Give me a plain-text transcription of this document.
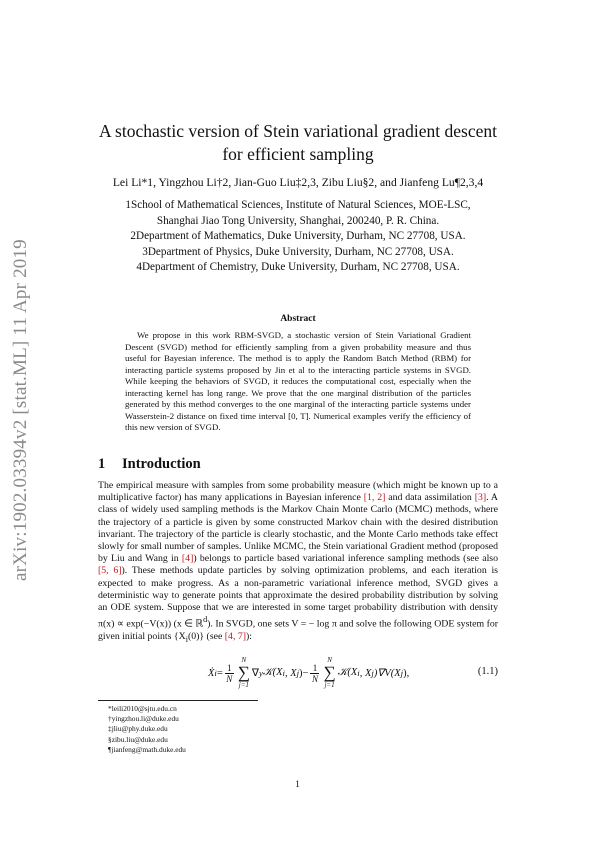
arXiv:1902.03394v2 [stat.ML] 11 Apr 2019
A stochastic version of Stein variational gradient descent
for efficient sampling
Lei Li*1, Yingzhou Li†2, Jian-Guo Liu‡2,3, Zibu Liu§2, and Jianfeng Lu¶2,3,4
1School of Mathematical Sciences, Institute of Natural Sciences, MOE-LSC,
Shanghai Jiao Tong University, Shanghai, 200240, P. R. China.
2Department of Mathematics, Duke University, Durham, NC 27708, USA.
3Department of Physics, Duke University, Durham, NC 27708, USA.
4Department of Chemistry, Duke University, Durham, NC 27708, USA.
Abstract
We propose in this work RBM-SVGD, a stochastic version of Stein Variational Gradient Descent (SVGD) method for efficiently sampling from a given probability measure and thus useful for Bayesian inference. The method is to apply the Random Batch Method (RBM) for interacting particle systems proposed by Jin et al to the interacting particle systems in SVGD. While keeping the behaviors of SVGD, it reduces the computational cost, especially when the interacting kernel has long range. We prove that the one marginal distribution of the particles generated by this method converges to the one marginal of the interacting particle systems under Wasserstein-2 distance on fixed time interval [0, T]. Numerical examples verify the efficiency of this new version of SVGD.
1 Introduction
The empirical measure with samples from some probability measure (which might be known up to a multiplicative factor) has many applications in Bayesian inference [1, 2] and data assimilation [3]. A class of widely used sampling methods is the Markov Chain Monte Carlo (MCMC) methods, where the trajectory of a particle is given by some constructed Markov chain with the desired distribution invariant. The trajectory of the particle is clearly stochastic, and the Monte Carlo methods take effect slowly for small number of samples. Unlike MCMC, the Stein variational Gradient method (proposed by Liu and Wang in [4]) belongs to particle based variational inference sampling methods (see also [5, 6]). These methods update particles by solving optimization problems, and each iteration is expected to make progress. As a non-parametric variational inference method, SVGD gives a deterministic way to generate points that approximate the desired probability distribution by solving an ODE system. Suppose that we are interested in some target probability distribution with density π(x) ∝ exp(−V(x)) (x ∈ ℝ$^d$). In SVGD, one sets V = − log π and solve the following ODE system for given initial points $\{X_i(0)\}$ (see [4, 7]):
Ẋ $i = \frac{1}{N}$
N
∑
j=1
∇ y 𝒦(X i , X j ) − $\frac{1}{N}$
N
∑
j=1
𝒦(X i , X j )∇V(X j ),	(1.1)
*leili2010@sjtu.edu.cn
†yingzhou.li@duke.edu
‡jliu@phy.duke.edu
§zibu.liu@duke.edu
¶jianfeng@math.duke.edu
1
